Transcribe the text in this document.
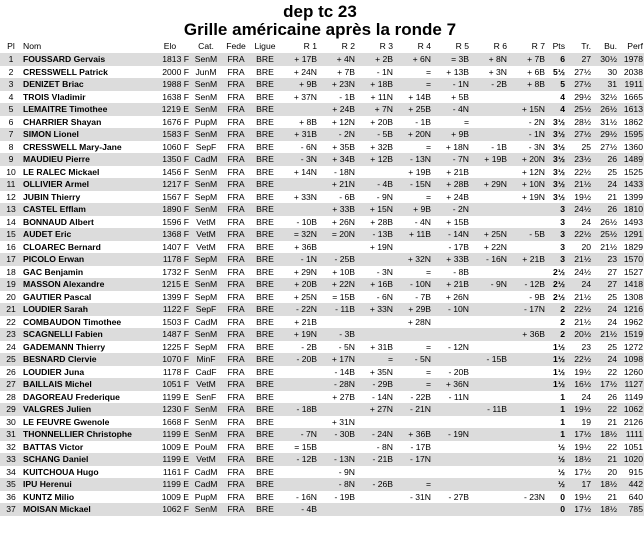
dep tc 23
Grille américaine après la ronde 7
Pl	Nom	Elo	Cat.	Fede	Ligue	R 1	R 2	R 3	R 4	R 5	R 6	R 7	Pts	Tr.	Bu.	Perf
1	FOUSSARD Gervais	1813 F	SenM	FRA	BRE	+ 17B	+ 4N	+ 2B	+ 6N	= 3B	+ 8N	+ 7B	6	27	30½	1978
2	CRESSWELL Patrick	2000 F	JunM	FRA	BRE	+ 24N	+ 7B	- 1N	=	+ 13B	+ 3N	+ 6B	5½	27½	30	2038
3	DENIZET Briac	1988 F	SenM	FRA	BRE	+ 9B	+ 23N	+ 18B	=	- 1N	- 2B	+ 8B	5	27½	31	1911
4	TROIS Vladimir	1638 F	SenM	FRA	BRE	+ 37N	- 1B	+ 11N	+ 14B	+ 5B			4	29½	32½	1665
5	LEMAITRE Timothee	1219 E	SenM	FRA	BRE		+ 24B	+ 7N	+ 25B	- 4N		+ 15N	4	25½	26½	1613
6	CHARRIER Shayan	1676 F	PupM	FRA	BRE	+ 8B	+ 12N	+ 20B	- 1B	=		- 2N	3½	28½	31½	1862
7	SIMON Lionel	1583 F	SenM	FRA	BRE	+ 31B	- 2N	- 5B	+ 20N	+ 9B		- 1N	3½	27½	29½	1595
8	CRESSWELL Mary-Jane	1060 F	SepF	FRA	BRE	- 6N	+ 35B	+ 32B	=	+ 18N	- 1B	- 3N	3½	25	27½	1360
9	MAUDIEU Pierre	1350 F	CadM	FRA	BRE	- 3N	+ 34B	+ 12B	- 13N	- 7N	+ 19B	+ 20N	3½	23½	26	1489
10	LE RALEC Mickael	1456 F	SenM	FRA	BRE	+ 14N	- 18N		+ 19B	+ 21B		+ 12N	3½	22½	25	1525
11	OLLIVIER Armel	1217 F	SenM	FRA	BRE		+ 21N	- 4B	- 15N	+ 28B	+ 29N	+ 10N	3½	21½	24	1433
12	JUBIN Thierry	1567 F	SepM	FRA	BRE	+ 33N	- 6B	- 9N	=	+ 24B		+ 19N	3½	19½	21	1399
13	CASTEL Efflam	1890 F	SenM	FRA	BRE		+ 33B	+ 15N	+ 9B	- 2N			3	24½	26	1810
14	BONNAUD Albert	1596 F	VetM	FRA	BRE	- 10B	+ 26N	+ 28B	- 4N	+ 15B			3	24	26½	1493
15	AUDET Eric	1368 F	VetM	FRA	BRE	= 32N	= 20N	- 13B	+ 11B	- 14N	+ 25N	- 5B	3	22½	25½	1291
16	CLOAREC Bernard	1407 F	VetM	FRA	BRE	+ 36B		+ 19N		- 17B	+ 22N		3	20	21½	1829
17	PICOLO Erwan	1178 F	SepM	FRA	BRE	- 1N	- 25B		+ 32N	+ 33B	- 16N	+ 21B	3	21½	23	1570
18	GAC Benjamin	1732 F	SenM	FRA	BRE	+ 29N	+ 10B	- 3N	=	- 8B			2½	24½	27	1527
19	MASSON Alexandre	1215 E	SenM	FRA	BRE	+ 20B	+ 22N	+ 16B	- 10N	+ 21B	- 9N	- 12B	2½	24	27	1418
20	GAUTIER Pascal	1399 F	SepM	FRA	BRE	+ 25N	= 15B	- 6N	- 7B	+ 26N		- 9B	2½	21½	25	1308
21	LOUDIER Sarah	1122 F	SepF	FRA	BRE	- 22N	- 11B	+ 33N	+ 29B	- 10N		- 17N	2	22½	24	1216
22	COMBAUDON Timothee	1503 F	CadM	FRA	BRE	+ 21B			+ 28N				2	21½	24	1962
23	SCAGNELLI Fabien	1487 F	SenM	FRA	BRE	+ 19N	- 3B					+ 36B	2	20½	21½	1519
24	GADEMANN Thierry	1225 F	SepM	FRA	BRE	- 2B	- 5N	+ 31B	=	- 12N			1½	23	25	1272
25	BESNARD Clervie	1070 F	MinF	FRA	BRE	- 20B	+ 17N	=	- 5N		- 15B		1½	22½	24	1098
26	LOUDIER Juna	1178 F	CadF	FRA	BRE		- 14B	+ 35N	=	- 20B			1½	19½	22	1260
27	BAILLAIS Michel	1051 F	VetM	FRA	BRE		- 28N	- 29B	=	+ 36N			1½	16½	17½	1127
28	DAGOREAU Frederique	1199 E	SenF	FRA	BRE		+ 27B	- 14N	- 22B	- 11N			1	24	26	1149
29	VALGRES Julien	1230 F	SenM	FRA	BRE	- 18B		+ 27N	- 21N		- 11B		1	19½	22	1062
30	LE FEUVRE Gwenole	1668 F	SenM	FRA	BRE		+ 31N						1	19	21	2126
31	THONNELLIER Christophe	1199 E	SenM	FRA	BRE	- 7N	- 30B	- 24N	+ 36B	- 19N			1	17½	18½	1111
32	BATTAS Victor	1009 E	PouM	FRA	BRE	= 15B		- 8N	- 17B				½	19½	22	1051
33	SCHANG Daniel	1199 E	VetM	FRA	BRE	- 12B	- 13N	- 21B	- 17N				½	18½	21	1020
34	KUITCHOUA Hugo	1161 F	CadM	FRA	BRE		- 9N						½	17½	20	915
35	IPU Herenui	1199 E	CadM	FRA	BRE		- 8N	- 26B	=				½	17	18½	442
36	KUNTZ Milio	1009 E	PupM	FRA	BRE	- 16N	- 19B		- 31N	- 27B		- 23N	0	19½	21	640
37	MOISAN Mickael	1062 F	SenM	FRA	BRE	- 4B							0	17½	18½	785
